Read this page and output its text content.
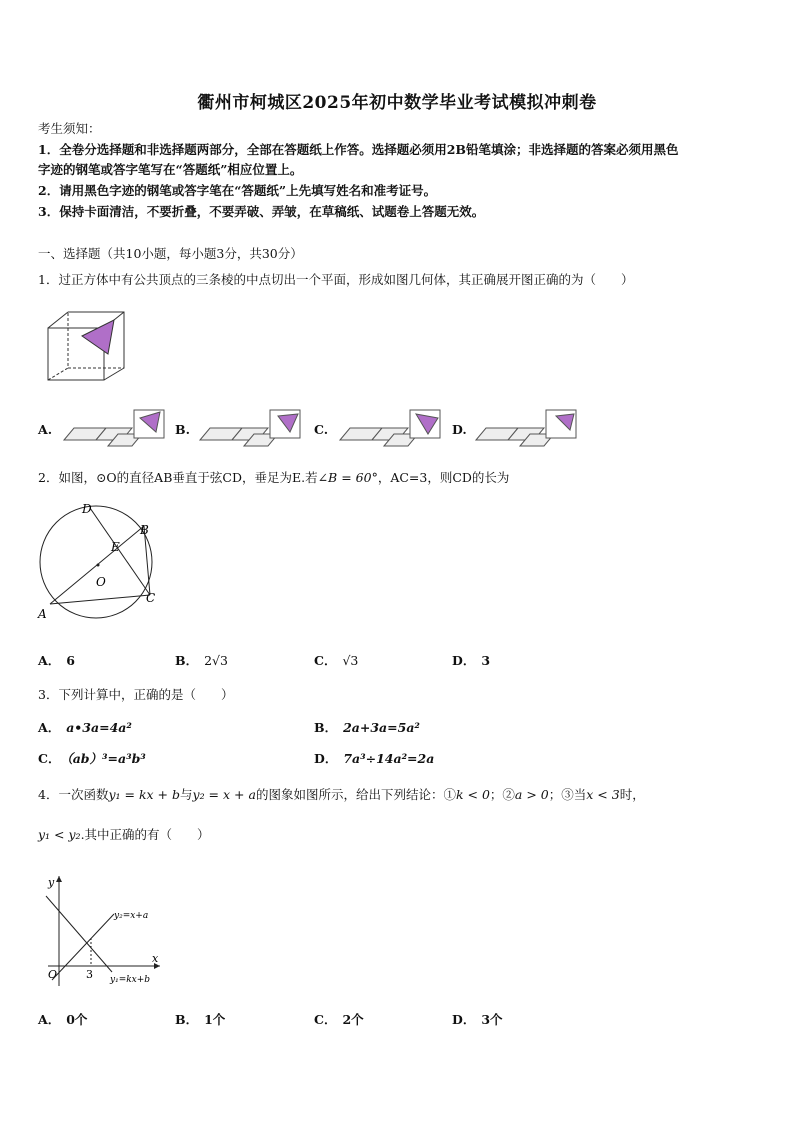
衢州市柯城区2025年初中数学毕业考试模拟冲刺卷
考生须知：
1．全卷分选择题和非选择题两部分，全部在答题纸上作答。选择题必须用2B铅笔填涂；非选择题的答案必须用黑色
字迹的钢笔或答字笔写在“答题纸”相应位置上。
2．请用黑色字迹的钢笔或答字笔在“答题纸”上先填写姓名和准考证号。
3．保持卡面清洁，不要折叠，不要弄破、弄皱，在草稿纸、试题卷上答题无效。
一、选择题（共10小题，每小题3分，共30分）
1．过正方体中有公共顶点的三条棱的中点切出一个平面，形成如图几何体，其正确展开图正确的为（　　）
A.	B.	C.	D.
2．如图，⊙O的直径AB垂直于弦CD，垂足为E.若∠B = 60°，AC=3，则CD的长为
D
B
E
O
C
A
A． 6	B． 2√3	C． √3	D． 3
3．下列计算中，正确的是（　　）
A． a•3a=4a²	B． 2a+3a=5a²
C． （ab）³=a³b³	D． 7a³÷14a²=2a
4．一次函数y₁ = kx + b与y₂ = x + a的图象如图所示，给出下列结论：①k < 0；②a > 0；③当x < 3时，
y₁ < y₂.其中正确的有（　　）
y
x
O	3
y₂=x+a
y₁=kx+b
A． 0个	B． 1个	C． 2个	D． 3个
